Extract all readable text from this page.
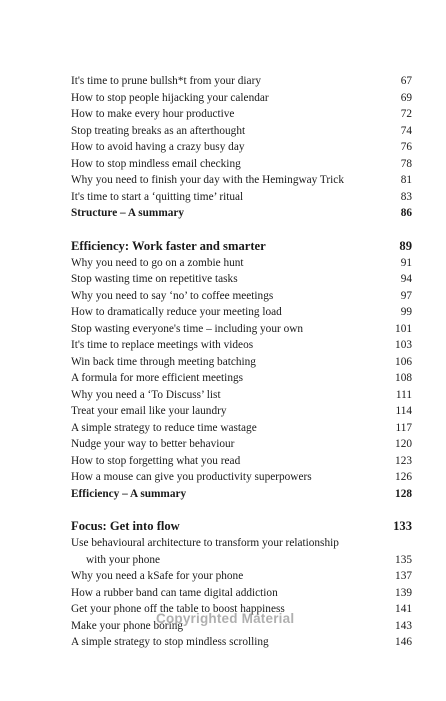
It's time to prune bullsh*t from your diary	67
How to stop people hijacking your calendar	69
How to make every hour productive	72
Stop treating breaks as an afterthought	74
How to avoid having a crazy busy day	76
How to stop mindless email checking	78
Why you need to finish your day with the Hemingway Trick	81
It's time to start a ‘quitting time’ ritual	83
Structure – A summary	86
Efficiency: Work faster and smarter	89
Why you need to go on a zombie hunt	91
Stop wasting time on repetitive tasks	94
Why you need to say ‘no’ to coffee meetings	97
How to dramatically reduce your meeting load	99
Stop wasting everyone's time – including your own	101
It's time to replace meetings with videos	103
Win back time through meeting batching	106
A formula for more efficient meetings	108
Why you need a ‘To Discuss’ list	111
Treat your email like your laundry	114
A simple strategy to reduce time wastage	117
Nudge your way to better behaviour	120
How to stop forgetting what you read	123
How a mouse can give you productivity superpowers	126
Efficiency – A summary	128
Focus: Get into flow	133
Use behavioural architecture to transform your relationship
with your phone	135
Why you need a kSafe for your phone	137
How a rubber band can tame digital addiction	139
Get your phone off the table to boost happiness	141
Make your phone boring	143
A simple strategy to stop mindless scrolling	146
Copyrighted Material
